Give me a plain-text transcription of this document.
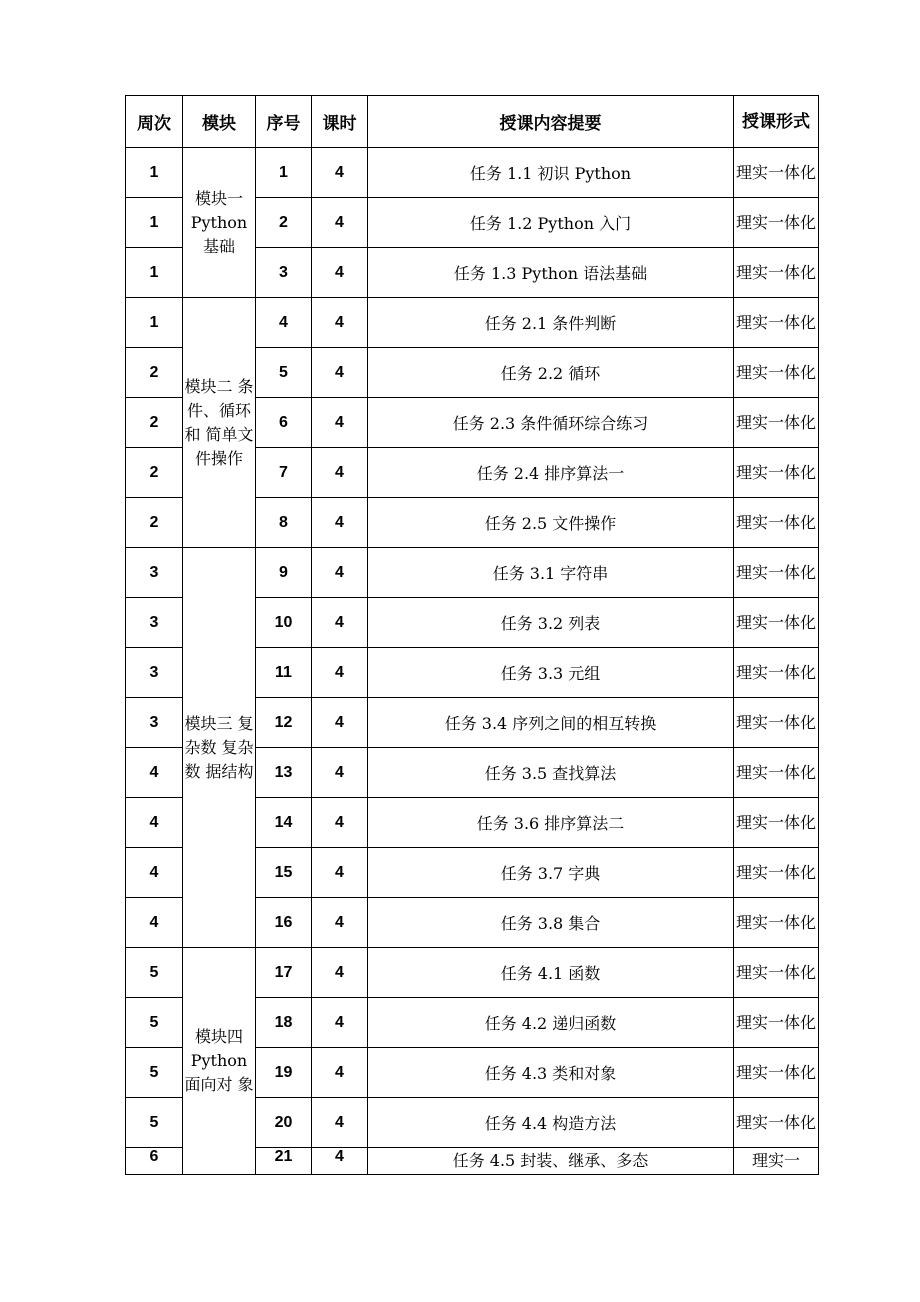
周次	模块	序号	课时	授课内容提要	授课形式
1	模块一 Python 基础	1	4	任务 1.1 初识 Python	理实一体化
1		2	4	任务 1.2 Python 入门	理实一体化
1		3	4	任务 1.3 Python 语法基础	理实一体化
1	模块二 条件、循环和 简单文 件操作	4	4	任务 2.1 条件判断	理实一体化
2		5	4	任务 2.2 循环	理实一体化
2		6	4	任务 2.3 条件循环综合练习	理实一体化
2		7	4	任务 2.4 排序算法一	理实一体化
2		8	4	任务 2.5 文件操作	理实一体化
3	模块三 复杂数 复杂数 据结构	9	4	任务 3.1 字符串	理实一体化
3		10	4	任务 3.2 列表	理实一体化
3		11	4	任务 3.3 元组	理实一体化
3		12	4	任务 3.4 序列之间的相互转换	理实一体化
4		13	4	任务 3.5 查找算法	理实一体化
4		14	4	任务 3.6 排序算法二	理实一体化
4		15	4	任务 3.7 字典	理实一体化
4		16	4	任务 3.8 集合	理实一体化
5	模块四 Python 面向对 象	17	4	任务 4.1 函数	理实一体化
5		18	4	任务 4.2 递归函数	理实一体化
5		19	4	任务 4.3 类和对象	理实一体化
5		20	4	任务 4.4 构造方法	理实一体化
6		21	4	任务 4.5 封装、继承、多态	理实一
